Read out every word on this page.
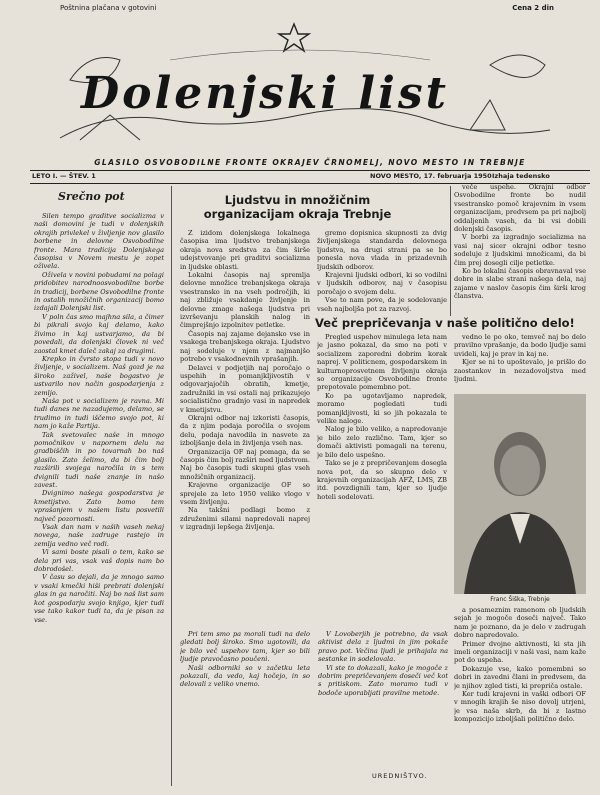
Poštnina plačana v gotovini	Cena 2 din
Dolenjski list
GLASILO OSVOBODILNE FRONTE OKRAJEV ČRNOMELJ, NOVO MESTO IN TREBNJE
LETO I. — ŠTEV. 1	NOVO MESTO, 17. februarja 1950 Izhaja tedensko
Srečno pot

Silen tempo graditve socializma v naši domovini je tudi v dolenjskih okrajih privlekel v življenje nov glasilo borbene in delovne Osvobodilne fronte. Mara tradicija Dolenjskega časopisa v Novem mestu je zopet oživela.

Oživela v novini pobudami na polagi pridobitev narodnoosvobodilne borbe in tradicij, borbene Osvobodilne fronte in ostalih množičnih organizacij bomo izdajali Dolenjski list.

V poln čas smo majhna sila, a čimer bi pikrali svojo kaj delamo, kako živimo in kaj ustvarjamo, da bi povedali, da dolenjski človek ni več zaostal kmet daleč zakaj za drugimi.

Krepko in čvrsto stopa tudi v novo življenje, v socializem. Naš gozd je na široko zaživel, naše bogastvo je ustvarilo nov način gospodarjenja z zemljo.

Naša pot v socializem je ravna. Mi tudi danes ne nazadujemo, delamo, se trudimo in tudi iščemo svojo pot, ki nam jo kaže Partija.

Tak svetovalec naše in mnogo pomočnikov v napornem delu na gradbiščih in po tovarnah bo naš glasilo. Zato želimo, da bi čim bolj razširili svojega naročila in s tem dvignili tudi naše znanje in našo zavest.

Dvignimo našega gospodarstva je kmetijstvo. Zato bomo tem vprašanjem v našem listu posvetili največ pozornosti.

Vsak dan nam v naših vaseh nekaj novega, naše zadruge rastejo in zemlja vedno več rodi.

Vi sami boste pisali o tem, kako se dela pri vas, vsak vaš dopis nam bo dobrodošel.

V času so dejali, da je mnogo samo v vsaki kmečki hiši prebrati dolenjski glas in ga naročiti. Naj bo naš list sam kot gospodarju svojo knjigo, kjer tudi vse tako kakor tudi ta, da je pisan za vse.

Ljudstvu in množičnim organizacijam okraja Trebnje

Z izidom dolenjskega lokalnega časopisa ima ljudstvo trebanjskega okraja nova sredstva za čim širše udejstvovanje pri graditvi socializma in ljudske oblasti.

Lokalni časopis naj spremlja delovne množice trebanjskega okraja vsestransko in na vseh področjih, ki naj zbližuje vsakdanje življenje in delovne zmage našega ljudstva pri izvrševanju planskih nalog in čimprejšnjo izpolnitev petletke.

Časopis naj zajame dejansko vse in vsakega trebanjskega okraja. Ljudstvo naj sodeluje v njem z najmanjšo potrebo v vsakodnevnih vprašanjih.

Delavci v podjetjih naj poročajo o uspehih in pomanjkljivostih v odgovarjajočih obratih, kmetje, zadružniki in vsi ostali naj prikazujejo socialistično gradnjo vasi in napredek v kmetijstvu.

Okrajni odbor naj izkoristi časopis, da z njim podaja poročila o svojem delu, podaja navodila in nasvete za izboljšanje dela in življenja vseh nas.

Organizacija OF naj pomaga, da se časopis čim bolj razširi med ljudstvom. Naj bo časopis tudi skupni glas vseh množičnih organizacij.

Krajevne organizacije OF so sprejele za leto 1950 veliko vlogo v vsem življenju.

Na takšni podlagi bomo z združenimi silami napredovali naprej v izgradnji lepšega življenja.

gremo dopisnica skupnosti za dvig življenjskega standarda delovnega ljudstva, na drugi strani pa se bo ponesla nova vlada in prizadevnih ljudskih odborov.

Krajevni ljudski odbori, ki so vodilni v ljudskih odborov, naj v časopisu poročajo o svojem delu.

Vse to nam pove, da je sodelovanje vseh najboljša pot za razvoj.

veče uspehe. Okrajni odbor Osvobodilne fronte bo nudil vsestransko pomoč krajevnim in vsem organizacijam, predvsem pa pri najbolj oddaljenih vaseh, da bi vsi dobili dolenjski časopis.

V borbi za izgradnjo socializma na vasi naj sicer okrajni odbor tesno sodeluje z ljudskimi množicami, da bi čim prej dosegli cilje petletke.

Ko bo lokalni časopis obravnaval vse dobre in slabe strani našega dela, naj zajame v naslov časopis čim širši krog članstva.

Več prepričevanja v naše politično delo!

Pregled uspehov minulega leta nam je jasno pokazal, da smo na poti v socializem zaporedni dobrim korak naprej. V politicnem, gospodarskem in kulturnoprosvetnem življenju okraja so organizacije Osvobodilne fronte prepotovale pomembno pot.

Ko pa ugotavljamo napredek, moramo pogledati tudi pomanjkljivosti, ki so jih pokazala te velike naloge.

Nalog je bilo veliko, a napredovanje je bilo zelo različno. Tam, kjer so domači aktivisti pomagali na terenu, je bilo delo uspešno.

Tako se je z prepričevanjem dosegla nova pot, da so skupno delo v krajevnih organizacijah AFŽ, LMS, ZB itd. povzdignili tam, kjer so ljudje hoteli sodelovati.

vedno le po oko, temveč naj bo delo pravilno vprašanje, da bodo ljudje sami uvideli, kaj je prav in kaj ne.

Kjer se ni to upoštevalo, je prišlo do zaostankov in nezadovoljstva med ljudmi.

Franc Šiška, Trebnje

a posameznim ramenom ob ljudskih sejah je mogoče doseči največ. Tako nam je poznano, da je delo v zadrugah dobro napredovalo.

Primer dvojne aktivnosti, ki sta jih imeli organizaciji v naši vasi, nam kaže pot do uspeha.

Dokazuje vse, kako pomembni so dobri in zavedni člani in predvsem, da je njihov zgled tisti, ki prepriča ostale.

Ker tudi krajevni in vaški odbori OF v mnogih krajih še niso dovolj utrjeni, je vsa naša skrb, da bi z lastno kompozicijo izboljšali politično delo.

Pri tem smo pa morali tudi na delo gledati bolj široko. Smo ugotovili, da je bilo več uspehov tam, kjer so bili ljudje pravočasno poučeni.

Naši odborniki so v začetku leta pokazali, da vedo, kaj hočejo, in so delovali z veliko vnemo.

V Lovoberjih je potrebno, da vsak aktivist dela z ljudmi in jim pokaže pravo pot. Večina ljudi je prihajala na sestanke in sodelovala.

Vi ste to dokazali, kako je mogoče z dobrim prepričevanjem doseči več kot s pritiskom. Zato moramo tudi v bodoče uporabljati pravilne metode.

UREDNIŠTVO.
